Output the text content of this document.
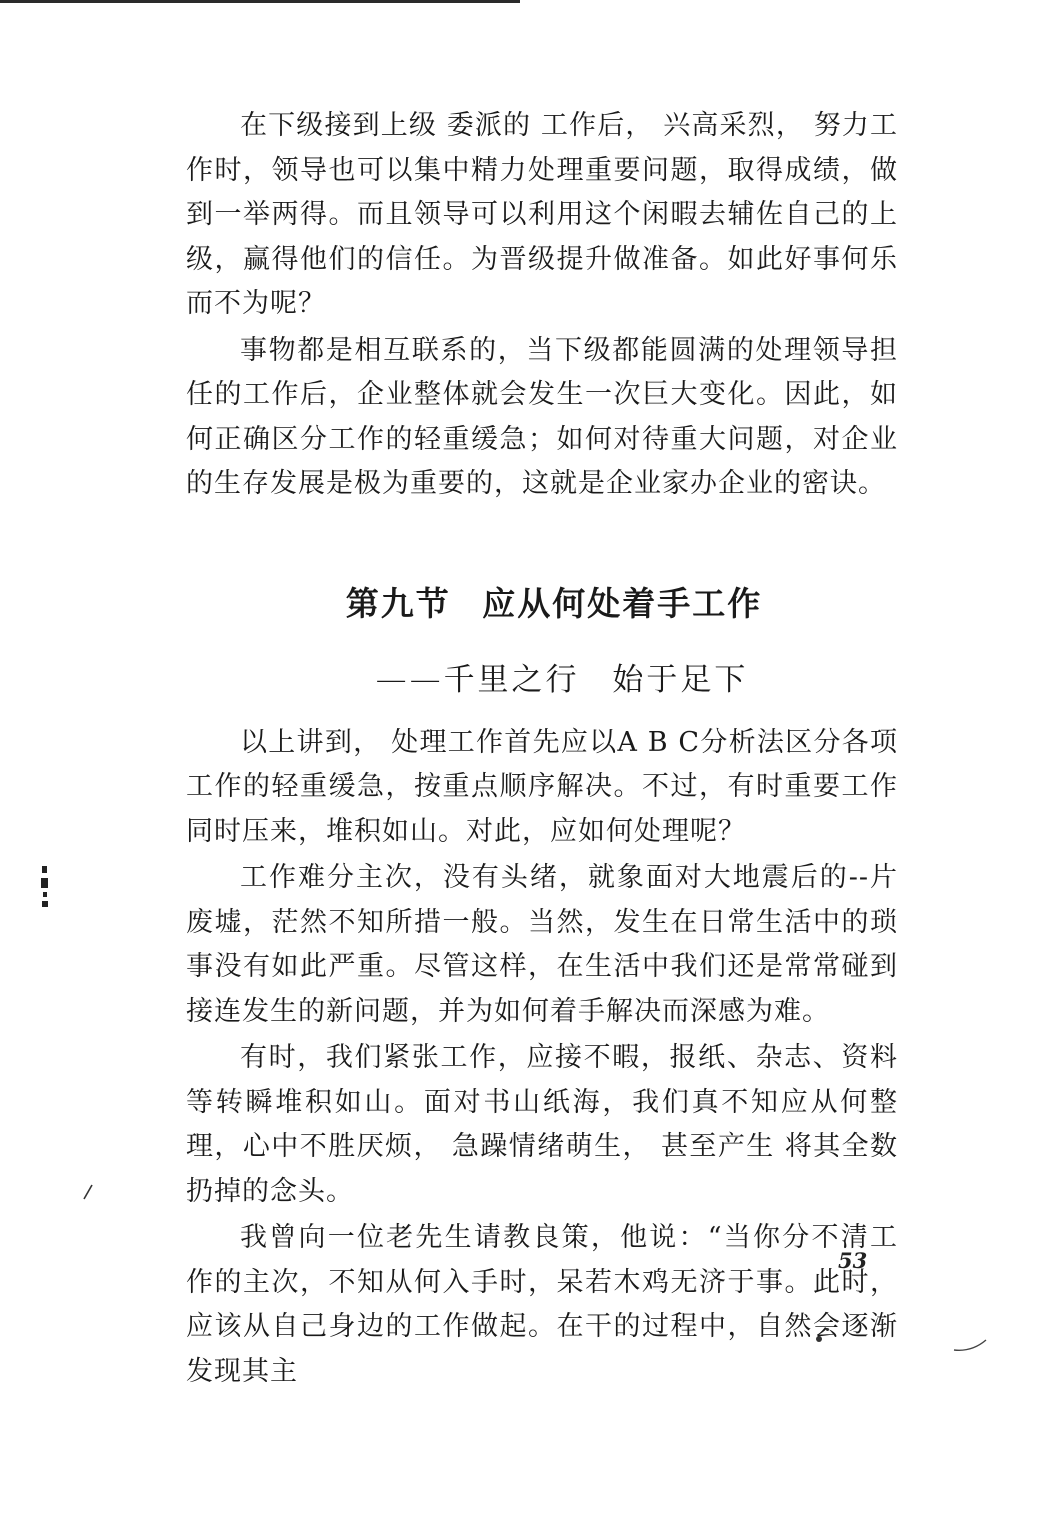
在下级接到上级 委派的 工作后， 兴高采烈， 努力工作时，领导也可以集中精力处理重要问题，取得成绩，做到一举两得。而且领导可以利用这个闲暇去辅佐自己的上级，赢得他们的信任。为晋级提升做准备。如此好事何乐而不为呢？

事物都是相互联系的，当下级都能圆满的处理领导担任的工作后，企业整体就会发生一次巨大变化。因此，如何正确区分工作的轻重缓急；如何对待重大问题，对企业的生存发展是极为重要的，这就是企业家办企业的密诀。

第九节 应从何处着手工作
——千里之行 始于足下

以上讲到， 处理工作首先应以A B C分析法区分各项工作的轻重缓急，按重点顺序解决。不过，有时重要工作同时压来，堆积如山。对此，应如何处理呢？

工作难分主次，没有头绪，就象面对大地震后的--片废墟，茫然不知所措一般。当然，发生在日常生活中的琐事没有如此严重。尽管这样，在生活中我们还是常常碰到接连发生的新问题，并为如何着手解决而深感为难。

有时，我们紧张工作，应接不暇，报纸、杂志、资料等转瞬堆积如山。面对书山纸海，我们真不知应从何整理，心中不胜厌烦， 急躁情绪萌生， 甚至产生 将其全数 扔掉的念头。

我曾向一位老先生请教良策，他说：“当你分不清工作的主次，不知从何入手时，呆若木鸡无济于事。此时，应该从自己身边的工作做起。在干的过程中，自然会逐渐发现其主

53
